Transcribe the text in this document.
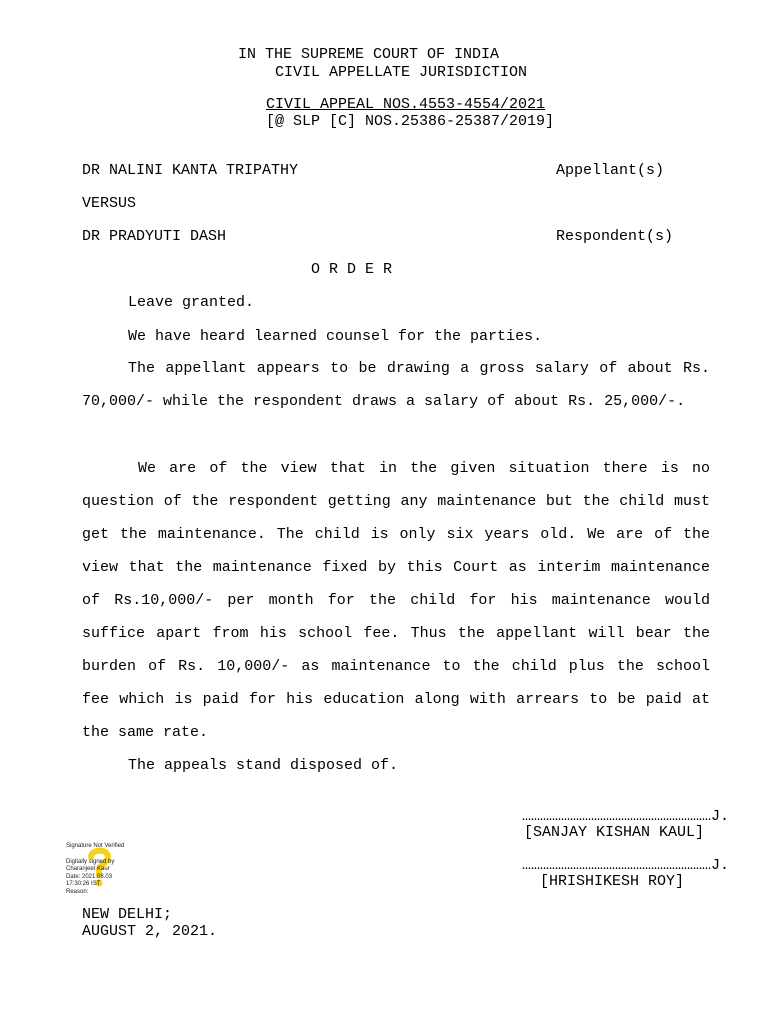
IN THE SUPREME COURT OF INDIA
CIVIL APPELLATE JURISDICTION
CIVIL APPEAL NOS.4553-4554/2021
[@ SLP [C] NOS.25386-25387/2019]
DR NALINI KANTA TRIPATHY	Appellant(s)
VERSUS
DR PRADYUTI DASH	Respondent(s)
O R D E R
Leave granted.
We have heard learned counsel for the parties.
The appellant appears to be drawing a gross salary of about Rs. 70,000/- while the respondent draws a salary of about Rs. 25,000/-.
We are of the view that in the given situation there is no question of the respondent getting any maintenance but the child must get the maintenance. The child is only six years old. We are of the view that the maintenance fixed by this Court as interim maintenance of Rs.10,000/- per month for the child for his maintenance would suffice apart from his school fee. Thus the appellant will bear the burden of Rs. 10,000/- as maintenance to the child plus the school fee which is paid for his education along with arrears to be paid at the same rate.
The appeals stand disposed of.
………………………………………………………J.
[SANJAY KISHAN KAUL]
………………………………………………………J.
[HRISHIKESH ROY]
Signature Not Verified
Digitally signed by
Charanjeet Kaur
Date: 2021.08.03
17:30:26 IST
Reason:
NEW DELHI;
AUGUST 2, 2021.
